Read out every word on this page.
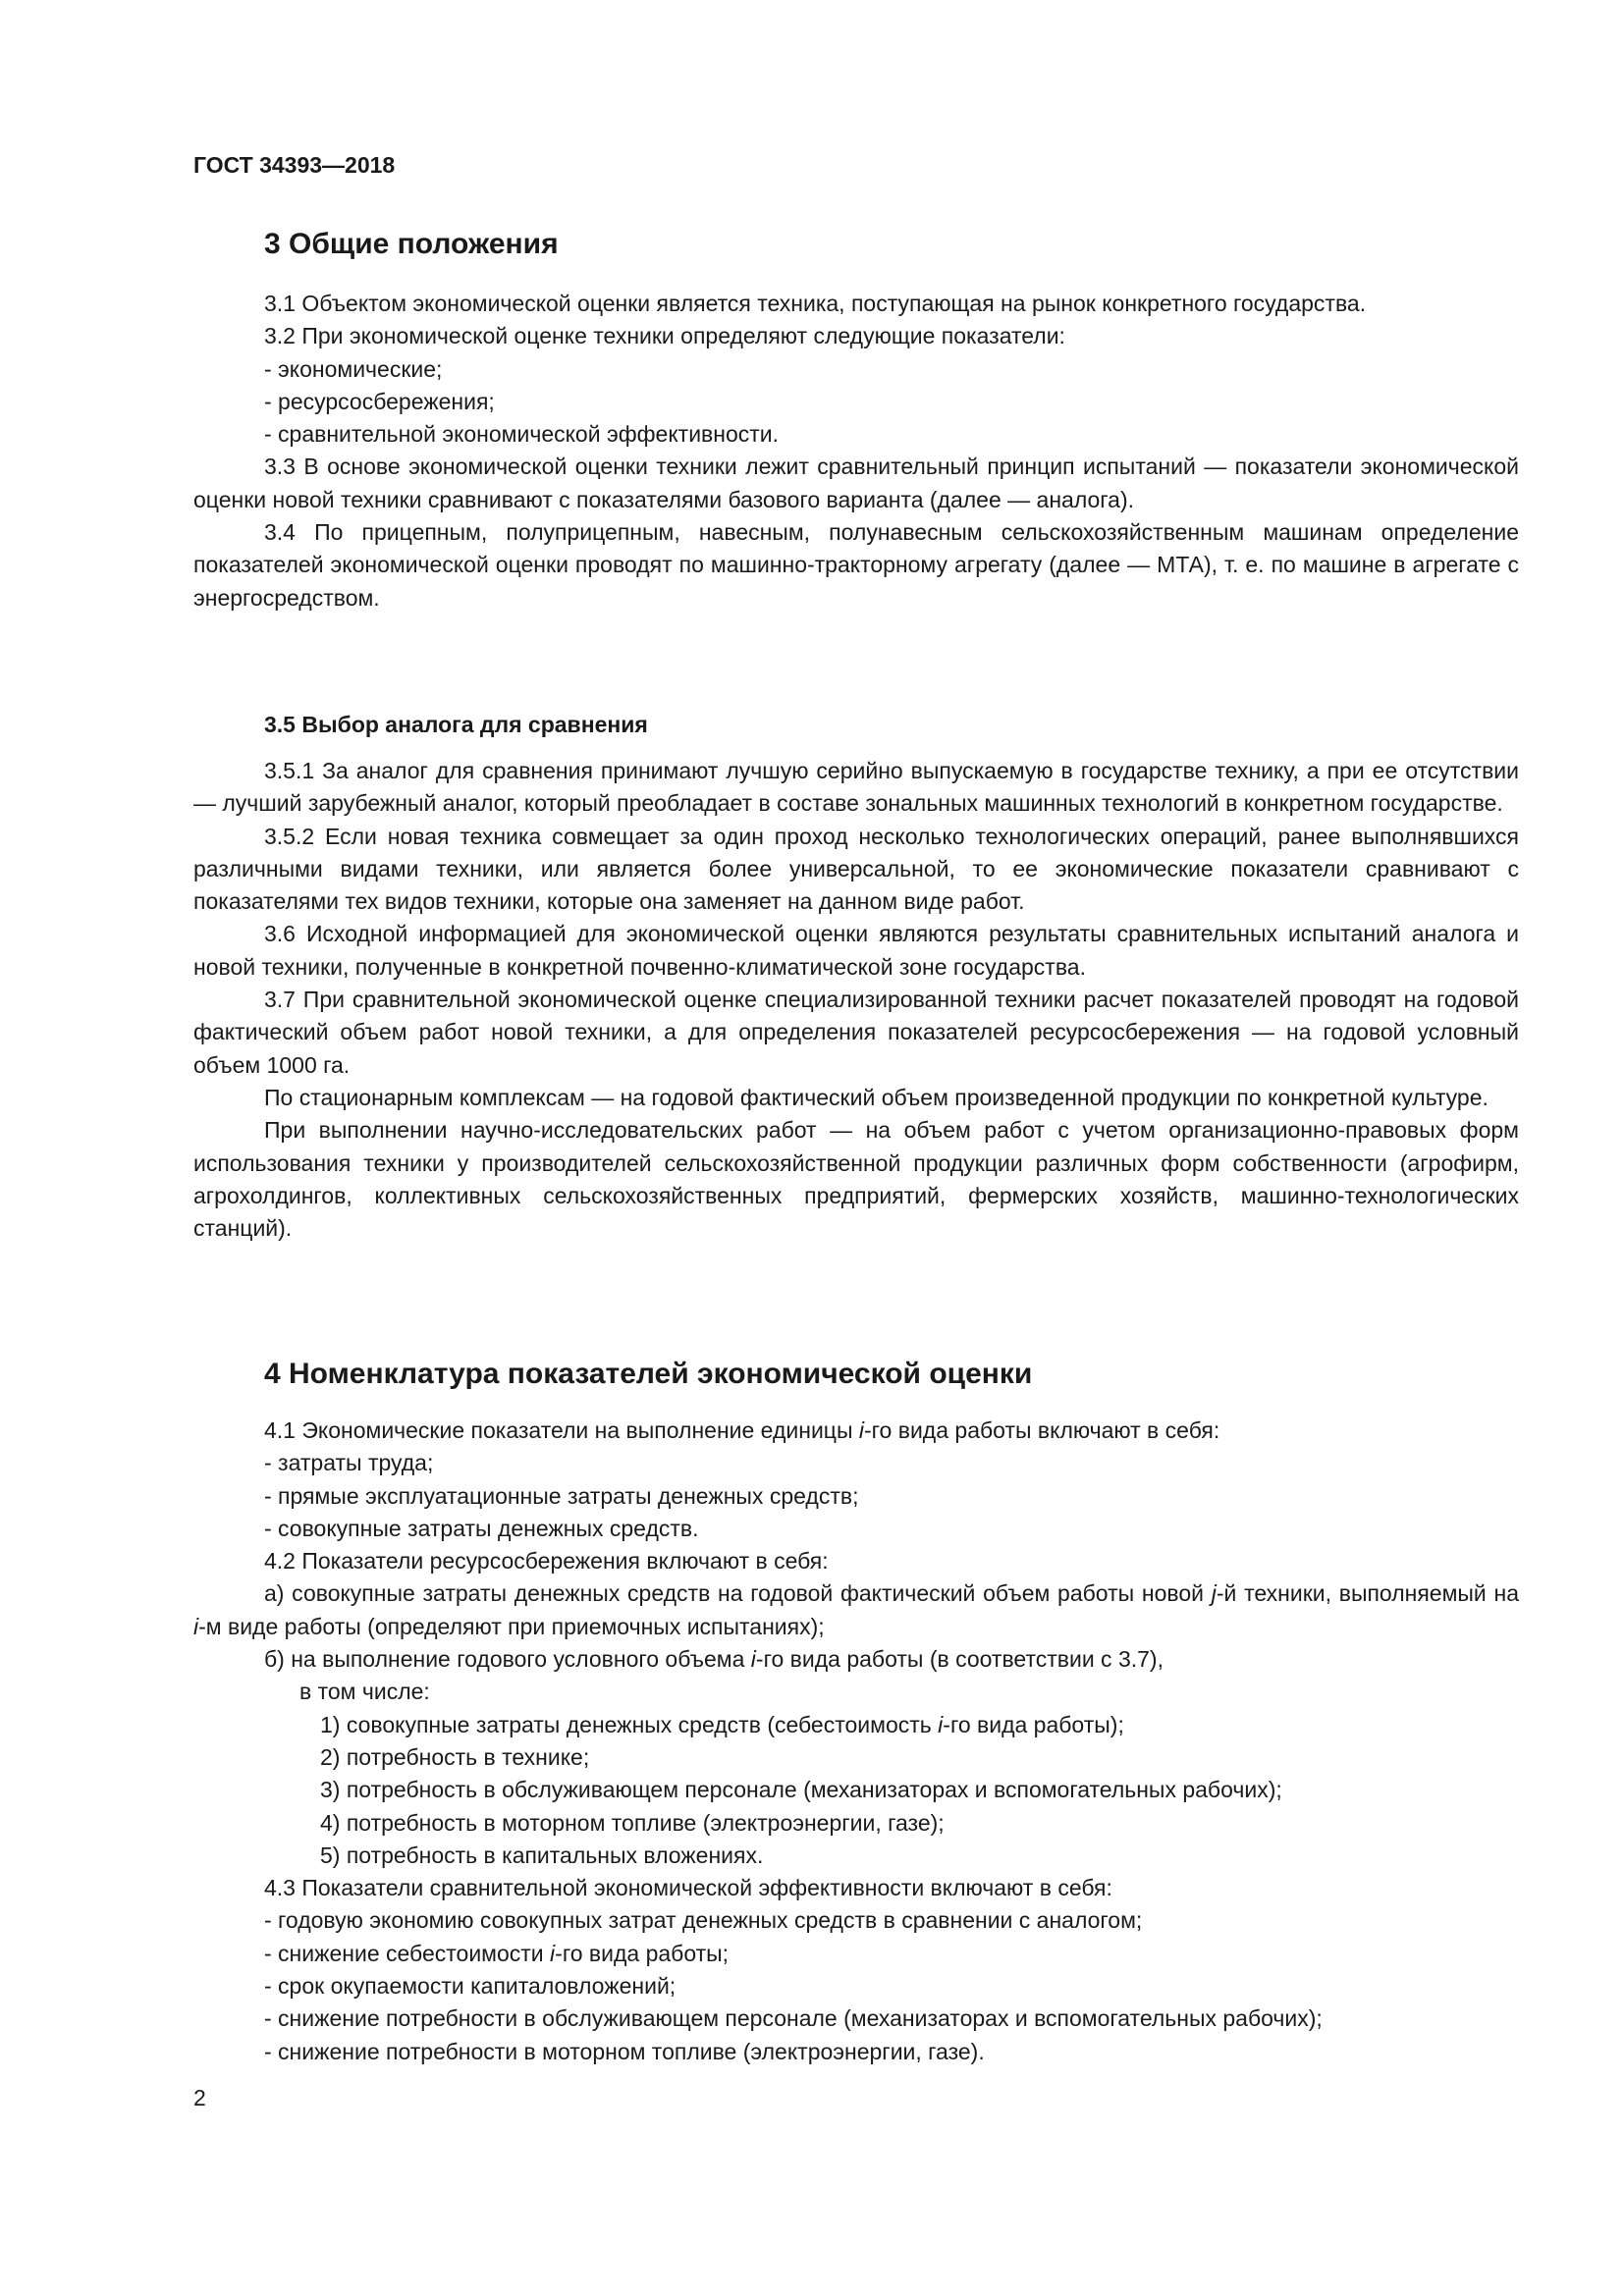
ГОСТ 34393—2018
3 Общие положения

3.1 Объектом экономической оценки является техника, поступающая на рынок конкретного государства.

3.2 При экономической оценке техники определяют следующие показатели:

- экономические;

- ресурсосбережения;

- сравнительной экономической эффективности.

3.3 В основе экономической оценки техники лежит сравнительный принцип испытаний — показатели экономической оценки новой техники сравнивают с показателями базового варианта (далее — аналога).

3.4 По прицепным, полуприцепным, навесным, полунавесным сельскохозяйственным машинам определение показателей экономической оценки проводят по машинно-тракторному агрегату (далее — МТА), т. е. по машине в агрегате с энергосредством.

3.5 Выбор аналога для сравнения

3.5.1 За аналог для сравнения принимают лучшую серийно выпускаемую в государстве технику, а при ее отсутствии — лучший зарубежный аналог, который преобладает в составе зональных машинных технологий в конкретном государстве.

3.5.2 Если новая техника совмещает за один проход несколько технологических операций, ранее выполнявшихся различными видами техники, или является более универсальной, то ее экономические показатели сравнивают с показателями тех видов техники, которые она заменяет на данном виде работ.

3.6 Исходной информацией для экономической оценки являются результаты сравнительных испытаний аналога и новой техники, полученные в конкретной почвенно-климатической зоне государства.

3.7 При сравнительной экономической оценке специализированной техники расчет показателей проводят на годовой фактический объем работ новой техники, а для определения показателей ресурсосбережения — на годовой условный объем 1000 га.

По стационарным комплексам — на годовой фактический объем произведенной продукции по конкретной культуре.

При выполнении научно-исследовательских работ — на объем работ с учетом организационно-правовых форм использования техники у производителей сельскохозяйственной продукции различных форм собственности (агрофирм, агрохолдингов, коллективных сельскохозяйственных предприятий, фермерских хозяйств, машинно-технологических станций).

4 Номенклатура показателей экономической оценки

4.1 Экономические показатели на выполнение единицы i-го вида работы включают в себя:

- затраты труда;

- прямые эксплуатационные затраты денежных средств;

- совокупные затраты денежных средств.

4.2 Показатели ресурсосбережения включают в себя:

а) совокупные затраты денежных средств на годовой фактический объем работы новой j-й техники, выполняемый на i-м виде работы (определяют при приемочных испытаниях);

б) на выполнение годового условного объема i-го вида работы (в соответствии с 3.7),

в том числе:

1) совокупные затраты денежных средств (себестоимость i-го вида работы);

2) потребность в технике;

3) потребность в обслуживающем персонале (механизаторах и вспомогательных рабочих);

4) потребность в моторном топливе (электроэнергии, газе);

5) потребность в капитальных вложениях.

4.3 Показатели сравнительной экономической эффективности включают в себя:

- годовую экономию совокупных затрат денежных средств в сравнении с аналогом;

- снижение себестоимости i-го вида работы;

- срок окупаемости капиталовложений;

- снижение потребности в обслуживающем персонале (механизаторах и вспомогательных рабочих);

- снижение потребности в моторном топливе (электроэнергии, газе).

2
